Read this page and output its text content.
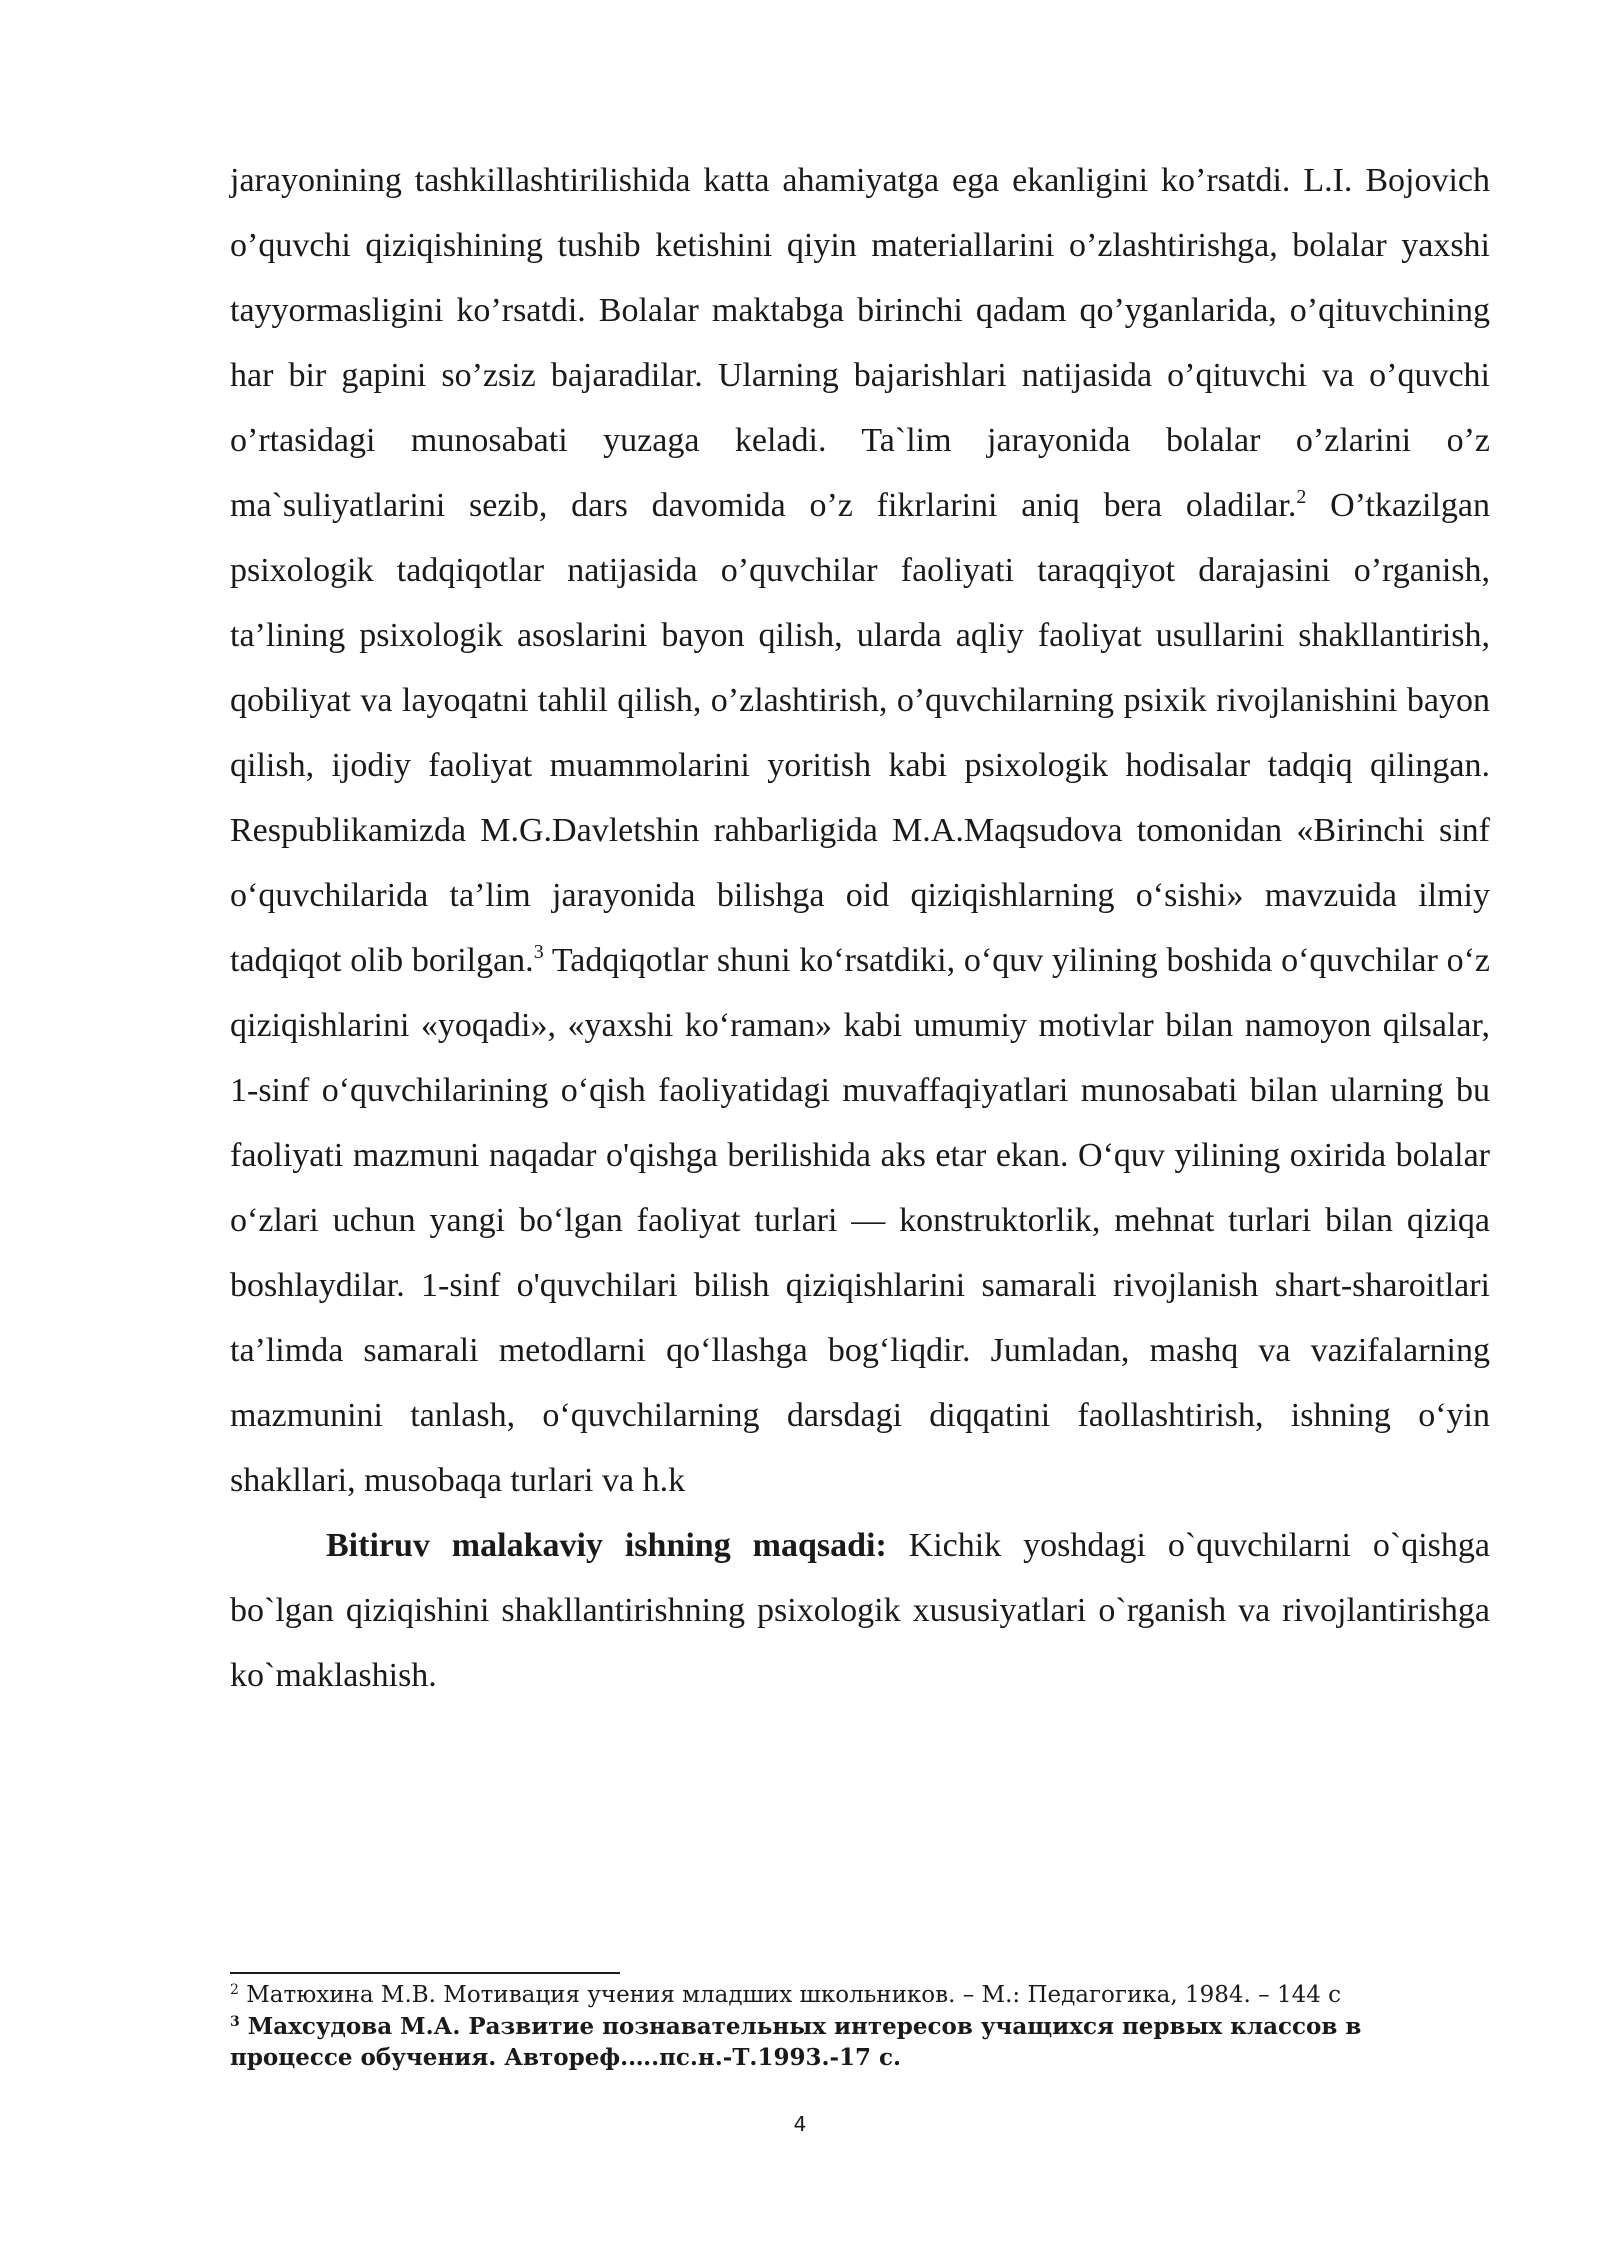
jarayonining tashkillashtirilishida katta ahamiyatga ega ekanligini ko’rsatdi. L.I. Bojovich o’quvchi qiziqishining tushib ketishini qiyin materiallarini o’zlashtirishga, bolalar yaxshi tayyormasligini ko’rsatdi. Bolalar maktabga birinchi qadam qo’yganlarida, o’qituvchining har bir gapini so’zsiz bajaradilar. Ularning bajarishlari natijasida o’qituvchi va o’quvchi o’rtasidagi munosabati yuzaga keladi. Ta`lim jarayonida bolalar o’zlarini o’z ma`suliyatlarini sezib, dars davomida o’z fikrlarini aniq bera oladilar.$^2$ O’tkazilgan psixologik tadqiqotlar natijasida o’quvchilar faoliyati taraqqiyot darajasini o’rganish, ta’lining psixologik asoslarini bayon qilish, ularda aqliy faoliyat usullarini shakllantirish, qobiliyat va layoqatni tahlil qilish, o’zlashtirish, o’quvchilarning psixik rivojlanishini bayon qilish, ijodiy faoliyat muammolarini yoritish kabi psixologik hodisalar tadqiq qilingan. Respublikamizda M.G.Davletshin rahbarligida M.A.Maqsudova tomonidan «Birinchi sinf o‘quvchilarida ta’lim jarayonida bilishga oid qiziqishlarning o‘sishi» mavzuida ilmiy tadqiqot olib borilgan.$^3$ Tadqiqotlar shuni ko‘rsatdiki, o‘quv yilining boshida o‘quvchilar o‘z qiziqishlarini «yoqadi», «yaxshi ko‘raman» kabi umumiy motivlar bilan namoyon qilsalar, 1-sinf o‘quvchilarining o‘qish faoliyatidagi muvaffaqiyatlari munosabati bilan ularning bu faoliyati mazmuni naqadar o'qishga berilishida aks etar ekan. O‘quv yilining oxirida bolalar o‘zlari uchun yangi bo‘lgan faoliyat turlari — konstruktorlik, mehnat turlari bilan qiziqa boshlaydilar. 1-sinf o'quvchilari bilish qiziqishlarini samarali rivojlanish shart-sharoitlari ta’limda samarali metodlarni qo‘llashga bog‘liqdir. Jumladan, mashq va vazifalarning mazmunini tanlash, o‘quvchilarning darsdagi diqqatini faollashtirish, ishning o‘yin shakllari, musobaqa turlari va h.k

Bitiruv malakaviy ishning maqsadi: Kichik yoshdagi o`quvchilarni o`qishga bo`lgan qiziqishini shakllantirishning psixologik xususiyatlari o`rganish va rivojlantirishga ko`maklashish.

$^2$ Матюхина М.В. Мотивация учения младших школьников. – М.: Педагогика, 1984. – 144 с

$^3$ Махсудова М.А. Развитие познавательных интересов учащихся первых классов в процессе обучения. Автореф.….пс.н.-Т.1993.-17 с.

4
